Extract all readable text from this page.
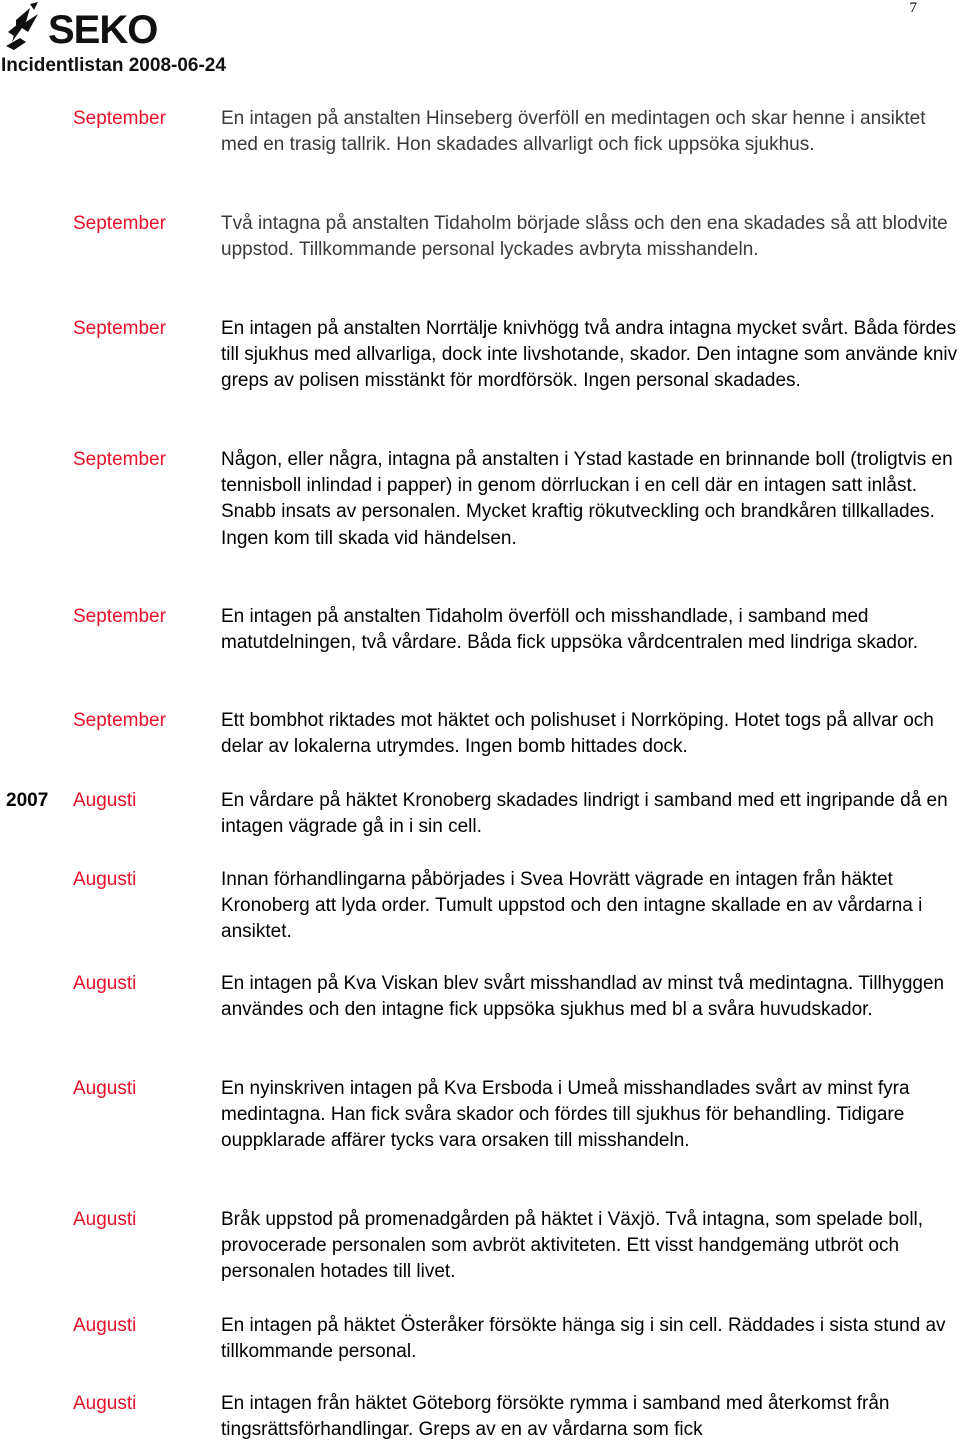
SEKO
Incidentlistan 2008-06-24
7
September	En intagen på anstalten Hinseberg överföll en medintagen och skar henne i ansiktet med en trasig tallrik. Hon skadades allvarligt och fick uppsöka sjukhus.
September	Två intagna på anstalten Tidaholm började slåss och den ena skadades så att blodvite uppstod. Tillkommande personal lyckades avbryta misshandeln.
September	En intagen på anstalten Norrtälje knivhögg två andra intagna mycket svårt. Båda fördes till sjukhus med allvarliga, dock inte livshotande, skador. Den intagne som använde kniv greps av polisen misstänkt för mordförsök. Ingen personal skadades.
September	Någon, eller några, intagna på anstalten i Ystad kastade en brinnande boll (troligtvis en tennisboll inlindad i papper) in genom dörrluckan i en cell där en intagen satt inlåst. Snabb insats av personalen. Mycket kraftig rökutveckling och brandkåren tillkallades. Ingen kom till skada vid händelsen.
September	En intagen på anstalten Tidaholm överföll och misshandlade, i samband med matutdelningen, två vårdare. Båda fick uppsöka vårdcentralen med lindriga skador.
September	Ett bombhot riktades mot häktet och polishuset i Norrköping. Hotet togs på allvar och delar av lokalerna utrymdes. Ingen bomb hittades dock.
2007 Augusti	En vårdare på häktet Kronoberg skadades lindrigt i samband med ett ingripande då en intagen vägrade gå in i sin cell.
Augusti	Innan förhandlingarna påbörjades i Svea Hovrätt vägrade en intagen från häktet Kronoberg att lyda order. Tumult uppstod och den intagne skallade en av vårdarna i ansiktet.
Augusti	En intagen på Kva Viskan blev svårt misshandlad av minst två medintagna. Tillhyggen användes och den intagne fick uppsöka sjukhus med bl a svåra huvudskador.
Augusti	En nyinskriven intagen på Kva Ersboda i Umeå misshandlades svårt av minst fyra medintagna. Han fick svåra skador och fördes till sjukhus för behandling. Tidigare ouppklarade affärer tycks vara orsaken till misshandeln.
Augusti	Bråk uppstod på promenadgården på häktet i Växjö. Två intagna, som spelade boll, provocerade personalen som avbröt aktiviteten. Ett visst handgemäng utbröt och personalen hotades till livet.
Augusti	En intagen på häktet Österåker försökte hänga sig i sin cell. Räddades i sista stund av tillkommande personal.
Augusti	En intagen från häktet Göteborg försökte rymma i samband med återkomst från tingsrättsförhandlingar. Greps av en av vårdarna som fick
